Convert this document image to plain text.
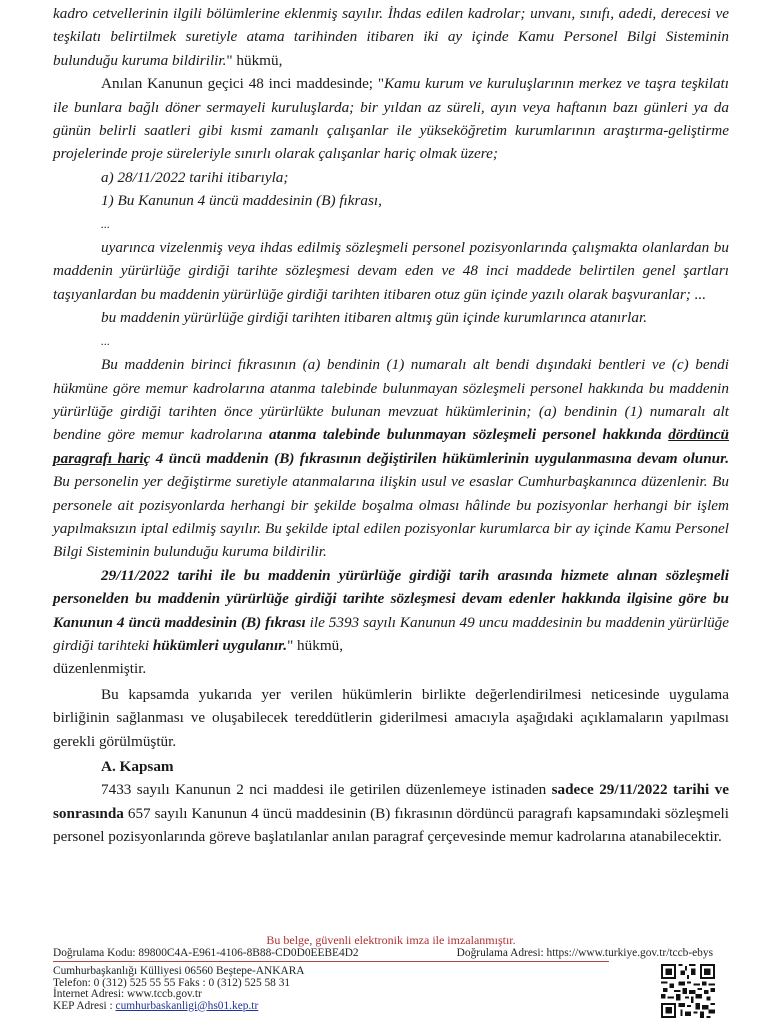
kadro cetvellerinin ilgili bölümlerine eklenmiş sayılır. İhdas edilen kadrolar; unvanı, sınıfı, adedi, derecesi ve teşkilatı belirtilmek suretiyle atama tarihinden itibaren iki ay içinde Kamu Personel Bilgi Sisteminin bulunduğu kuruma bildirilir." hükmü,

Anılan Kanunun geçici 48 inci maddesinde; "Kamu kurum ve kuruluşlarının merkez ve taşra teşkilatı ile bunlara bağlı döner sermayeli kuruluşlarda; bir yıldan az süreli, ayın veya haftanın bazı günleri ya da günün belirli saatleri gibi kısmi zamanlı çalışanlar ile yükseköğretim kurumlarının araştırma-geliştirme projelerinde proje süreleriyle sınırlı olarak çalışanlar hariç olmak üzere;

a) 28/11/2022 tarihi itibarıyla;

1) Bu Kanunun 4 üncü maddesinin (B) fıkrası,

...

uyarınca vizelenmiş veya ihdas edilmiş sözleşmeli personel pozisyonlarında çalışmakta olanlardan bu maddenin yürürlüğe girdiği tarihte sözleşmesi devam eden ve 48 inci maddede belirtilen genel şartları taşıyanlardan bu maddenin yürürlüğe girdiği tarihten itibaren otuz gün içinde yazılı olarak başvuranlar; ...

bu maddenin yürürlüğe girdiği tarihten itibaren altmış gün içinde kurumlarınca atanırlar.

...

Bu maddenin birinci fıkrasının (a) bendinin (1) numaralı alt bendi dışındaki bentleri ve (c) bendi hükmüne göre memur kadrolarına atanma talebinde bulunmayan sözleşmeli personel hakkında bu maddenin yürürlüğe girdiği tarihten önce yürürlükte bulunan mevzuat hükümlerinin; (a) bendinin (1) numaralı alt bendine göre memur kadrolarına atanma talebinde bulunmayan sözleşmeli personel hakkında dördüncü paragrafı hariç 4 üncü maddenin (B) fıkrasının değiştirilen hükümlerinin uygulanmasına devam olunur. Bu personelin yer değiştirme suretiyle atanmalarına ilişkin usul ve esaslar Cumhurbaşkanınca düzenlenir. Bu personele ait pozisyonlarda herhangi bir şekilde boşalma olması hâlinde bu pozisyonlar herhangi bir işlem yapılmaksızın iptal edilmiş sayılır. Bu şekilde iptal edilen pozisyonlar kurumlarca bir ay içinde Kamu Personel Bilgi Sisteminin bulunduğu kuruma bildirilir.

29/11/2022 tarihi ile bu maddenin yürürlüğe girdiği tarih arasında hizmete alınan sözleşmeli personelden bu maddenin yürürlüğe girdiği tarihte sözleşmesi devam edenler hakkında ilgisine göre bu Kanunun 4 üncü maddesinin (B) fıkrası ile 5393 sayılı Kanunun 49 uncu maddesinin bu maddenin yürürlüğe girdiği tarihteki hükümleri uygulanır." hükmü,

düzenlenmiştir.

Bu kapsamda yukarıda yer verilen hükümlerin birlikte değerlendirilmesi neticesinde uygulama birliğinin sağlanması ve oluşabilecek tereddütlerin giderilmesi amacıyla aşağıdaki açıklamaların yapılması gerekli görülmüştür.

A. Kapsam

7433 sayılı Kanunun 2 nci maddesi ile getirilen düzenlemeye istinaden sadece 29/11/2022 tarihi ve sonrasında 657 sayılı Kanunun 4 üncü maddesinin (B) fıkrasının dördüncü paragrafı kapsamındaki sözleşmeli personel pozisyonlarında göreve başlatılanlar anılan paragraf çerçevesinde memur kadrolarına atanabilecektir.

Bu belge, güvenli elektronik imza ile imzalanmıştır.
Doğrulama Kodu: 89800C4A-E961-4106-8B88-CD0D0EEBE4D2	Doğrulama Adresi: https://www.turkiye.gov.tr/tccb-ebys
Cumhurbaşkanlığı Külliyesi 06560 Beştepe-ANKARA
Telefon: 0 (312) 525 55 55 Faks : 0 (312) 525 58 31
İnternet Adresi: www.tccb.gov.tr
KEP Adresi : cumhurbaskanligi@hs01.kep.tr
